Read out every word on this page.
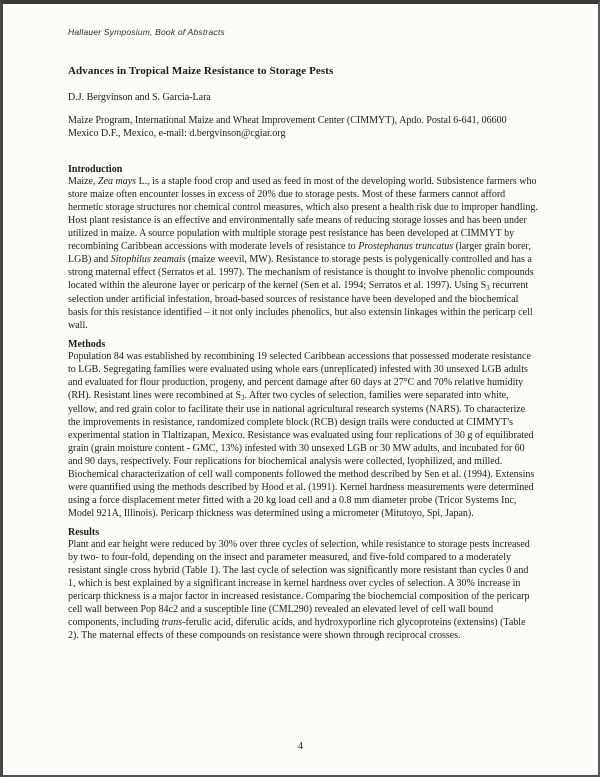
Hallauer Symposium, Book of Abstracts
Advances in Tropical Maize Resistance to Storage Pests
D.J. Bergvinson and S. Garcia-Lara
Maize Program, International Maize and Wheat Improvement Center (CIMMYT), Apdo. Postal 6-641, 06600 Mexico D.F., Mexico, e-mail: d.bergvinson@cgiar.org
Introduction
Maize, Zea mays L., is a staple food crop and used as feed in most of the developing world. Subsistence farmers who store maize often encounter losses in excess of 20% due to storage pests. Most of these farmers cannot afford hermetic storage structures nor chemical control measures, which also present a health risk due to improper handling. Host plant resistance is an effective and environmentally safe means of reducing storage losses and has been under utilized in maize. A source population with multiple storage pest resistance has been developed at CIMMYT by recombining Caribbean accessions with moderate levels of resistance to Prostephanus truncatus (larger grain borer, LGB) and Sitophilus zeamais (maize weevil, MW). Resistance to storage pests is polygenically controlled and has a strong maternal effect (Serratos et al. 1997). The mechanism of resistance is thought to involve phenolic compounds located within the aleurone layer or pericarp of the kernel (Sen et al. 1994; Serratos et al. 1997). Using $S_3$ recurrent selection under artificial infestation, broad-based sources of resistance have been developed and the biochemical basis for this resistance identified – it not only includes phenolics, but also extensin linkages within the pericarp cell wall.
Methods
Population 84 was established by recombining 19 selected Caribbean accessions that possessed moderate resistance to LGB. Segregating families were evaluated using whole ears (unreplicated) infested with 30 unsexed LGB adults and evaluated for flour production, progeny, and percent damage after 60 days at 27°C and 70% relative humidity (RH). Resistant lines were recombined at $S_3$. After two cycles of selection, families were separated into white, yellow, and red grain color to facilitate their use in national agricultural research systems (NARS). To characterize the improvements in resistance, randomized complete block (RCB) design trails were conducted at CIMMYT's experimental station in Tlaltizapan, Mexico. Resistance was evaluated using four replications of 30 g of equilibrated grain (grain moisture content - GMC, 13%) infested with 30 unsexed LGB or 30 MW adults, and incubated for 60 and 90 days, respectively. Four replications for biochemical analysis were collected, lyophilized, and milled. Biochemical characterization of cell wall components followed the method described by Sen et al. (1994). Extensins were quantified using the methods described by Hood et al. (1991). Kernel hardness measurements were determined using a force displacement meter fitted with a 20 kg load cell and a 0.8 mm diameter probe (Tricor Systems Inc, Model 921A, Illinois). Pericarp thickness was determined using a micrometer (Mitutoyo, Spi, Japan).
Results
Plant and ear height were reduced by 30% over three cycles of selection, while resistance to storage pests increased by two- to four-fold, depending on the insect and parameter measured, and five-fold compared to a moderately resistant single cross hybrid (Table 1). The last cycle of selection was significantly more resistant than cycles 0 and 1, which is best explained by a significant increase in kernel hardness over cycles of selection. A 30% increase in pericarp thickness is a major factor in increased resistance. Comparing the biochemcial composition of the pericarp cell wall between Pop 84c2 and a susceptible line (CML290) revealed an elevated level of cell wall bound components, including trans-ferulic acid, diferulic acids, and hydroxyporline rich glycoproteins (extensins) (Table 2). The maternal effects of these compounds on resistance were shown through reciprocal crosses.
4
